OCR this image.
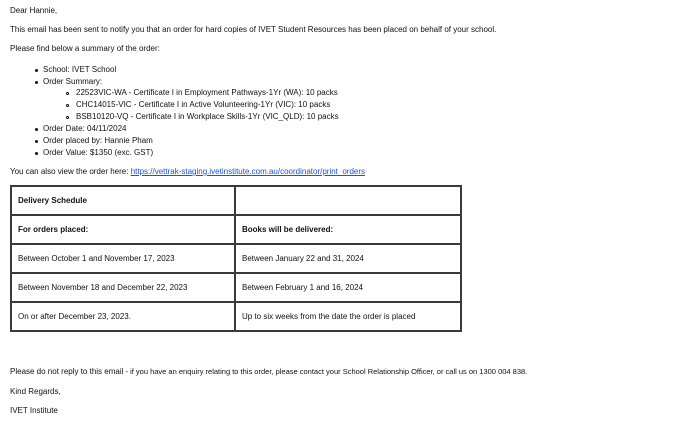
Dear Hannie,
This email has been sent to notify you that an order for hard copies of IVET Student Resources has been placed on behalf of your school.
Please find below a summary of the order:
School: IVET School
Order Summary:
22523VIC-WA - Certificate I in Employment Pathways-1Yr (WA): 10 packs
CHC14015-VIC - Certificate I in Active Volunteering-1Yr (VIC): 10 packs
BSB10120-VQ - Certificate I in Workplace Skills-1Yr (VIC_QLD): 10 packs
Order Date: 04/11/2024
Order placed by: Hannie Pham
Order Value: $1350 (exc. GST)
You can also view the order here: https://vettrak-staging.ivetinstitute.com.au/coordinator/print_orders
Delivery Schedule	
For orders placed:	Books will be delivered:
Between October 1 and November 17, 2023	Between January 22 and 31, 2024
Between November 18 and December 22, 2023	Between February 1 and 16, 2024
On or after December 23, 2023.	Up to six weeks from the date the order is placed
Please do not reply to this email - if you have an enquiry relating to this order, please contact your School Relationship Officer, or call us on 1300 004 838.
Kind Regards,
IVET Institute
